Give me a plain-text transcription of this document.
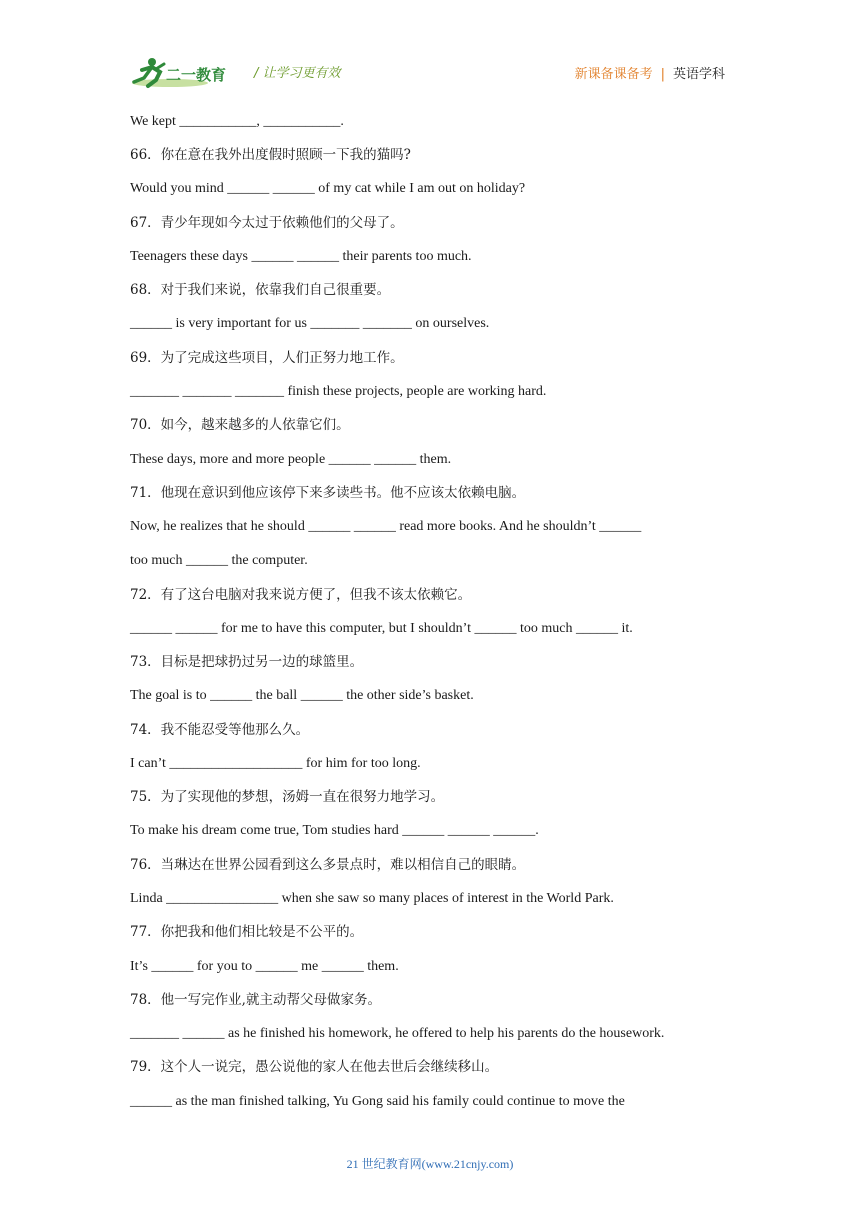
二一教育 / 让学习更有效	新课备课备考 | 英语学科
We kept ___________, ___________.
66．你在意在我外出度假时照顾一下我的猫吗?
Would you mind ______ ______ of my cat while I am out on holiday?
67．青少年现如今太过于依赖他们的父母了。
Teenagers these days ______ ______ their parents too much.
68．对于我们来说，依靠我们自己很重要。
______ is very important for us _______ _______ on ourselves.
69．为了完成这些项目，人们正努力地工作。
_______ _______ _______ finish these projects, people are working hard.
70．如今，越来越多的人依靠它们。
These days, more and more people ______ ______ them.
71．他现在意识到他应该停下来多读些书。他不应该太依赖电脑。
Now, he realizes that he should ______ ______ read more books. And he shouldn’t ______
too much ______ the computer.
72．有了这台电脑对我来说方便了，但我不该太依赖它。
______ ______ for me to have this computer, but I shouldn’t ______ too much ______ it.
73．目标是把球扔过另一边的球篮里。
The goal is to ______ the ball ______ the other side’s basket.
74．我不能忍受等他那么久。
I can’t ___________________ for him for too long.
75．为了实现他的梦想，汤姆一直在很努力地学习。
To make his dream come true, Tom studies hard ______ ______ ______.
76．当琳达在世界公园看到这么多景点时，难以相信自己的眼睛。
Linda ________________ when she saw so many places of interest in the World Park.
77．你把我和他们相比较是不公平的。
It’s ______ for you to ______ me ______ them.
78．他一写完作业,就主动帮父母做家务。
_______ ______ as he finished his homework, he offered to help his parents do the housework.
79．这个人一说完，愚公说他的家人在他去世后会继续移山。
______ as the man finished talking, Yu Gong said his family could continue to move the
21 世纪教育网(www.21cnjy.com)
